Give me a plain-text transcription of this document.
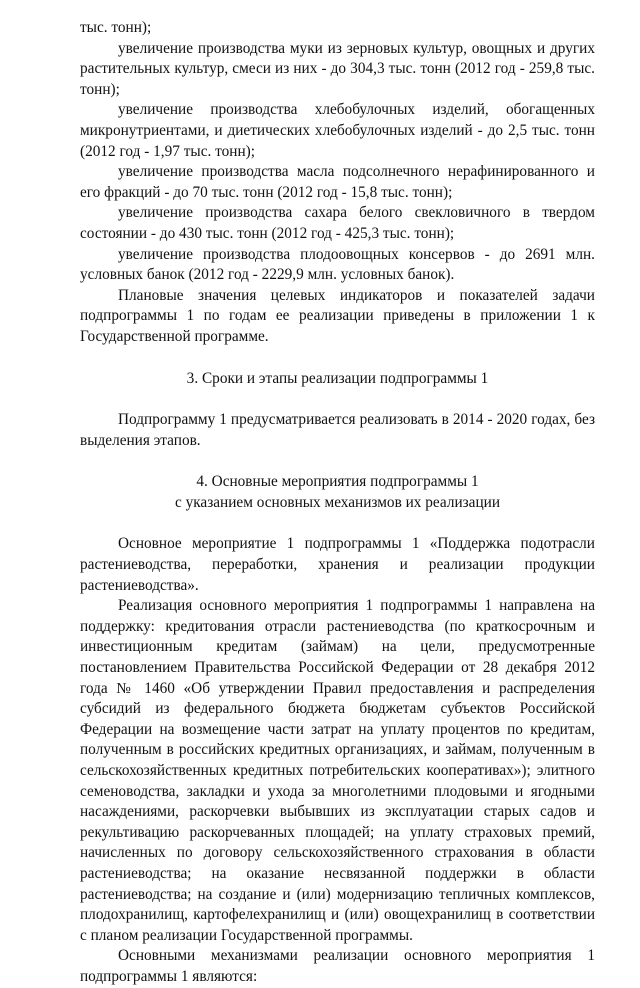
тыс. тонн);

увеличение производства муки из зерновых культур, овощных и других растительных культур, смеси из них - до 304,3 тыс. тонн (2012 год - 259,8 тыс. тонн);

увеличение производства хлебобулочных изделий, обогащенных микронутриентами, и диетических хлебобулочных изделий - до 2,5 тыс. тонн (2012 год - 1,97 тыс. тонн);

увеличение производства масла подсолнечного нерафинированного и его фракций - до 70 тыс. тонн (2012 год - 15,8 тыс. тонн);

увеличение производства сахара белого свекловичного в твердом состоянии - до 430 тыс. тонн (2012 год - 425,3 тыс. тонн);

увеличение производства плодоовощных консервов - до 2691 млн. условных банок (2012 год - 2229,9 млн. условных банок).

Плановые значения целевых индикаторов и показателей задачи подпрограммы 1 по годам ее реализации приведены в приложении 1 к Государственной программе.

3. Сроки и этапы реализации подпрограммы 1

Подпрограмму 1 предусматривается реализовать в 2014 - 2020 годах, без выделения этапов.

4. Основные мероприятия подпрограммы 1

с указанием основных механизмов их реализации

Основное мероприятие 1 подпрограммы 1 «Поддержка подотрасли растениеводства, переработки, хранения и реализации продукции растениеводства».

Реализация основного мероприятия 1 подпрограммы 1 направлена на поддержку: кредитования отрасли растениеводства (по краткосрочным и инвестиционным кредитам (займам) на цели, предусмотренные постановлением Правительства Российской Федерации от 28 декабря 2012 года № 1460 «Об утверждении Правил предоставления и распределения субсидий из федерального бюджета бюджетам субъектов Российской Федерации на возмещение части затрат на уплату процентов по кредитам, полученным в российских кредитных организациях, и займам, полученным в сельскохозяйственных кредитных потребительских кооперативах»); элитного семеноводства, закладки и ухода за многолетними плодовыми и ягодными насаждениями, раскорчевки выбывших из эксплуатации старых садов и рекультивацию раскорчеванных площадей; на уплату страховых премий, начисленных по договору сельскохозяйственного страхования в области растениеводства; на оказание несвязанной поддержки в области растениеводства; на создание и (или) модернизацию тепличных комплексов, плодохранилищ, картофелехранилищ и (или) овощехранилищ в соответствии с планом реализации Государственной программы.

Основными механизмами реализации основного мероприятия 1 подпрограммы 1 являются:
